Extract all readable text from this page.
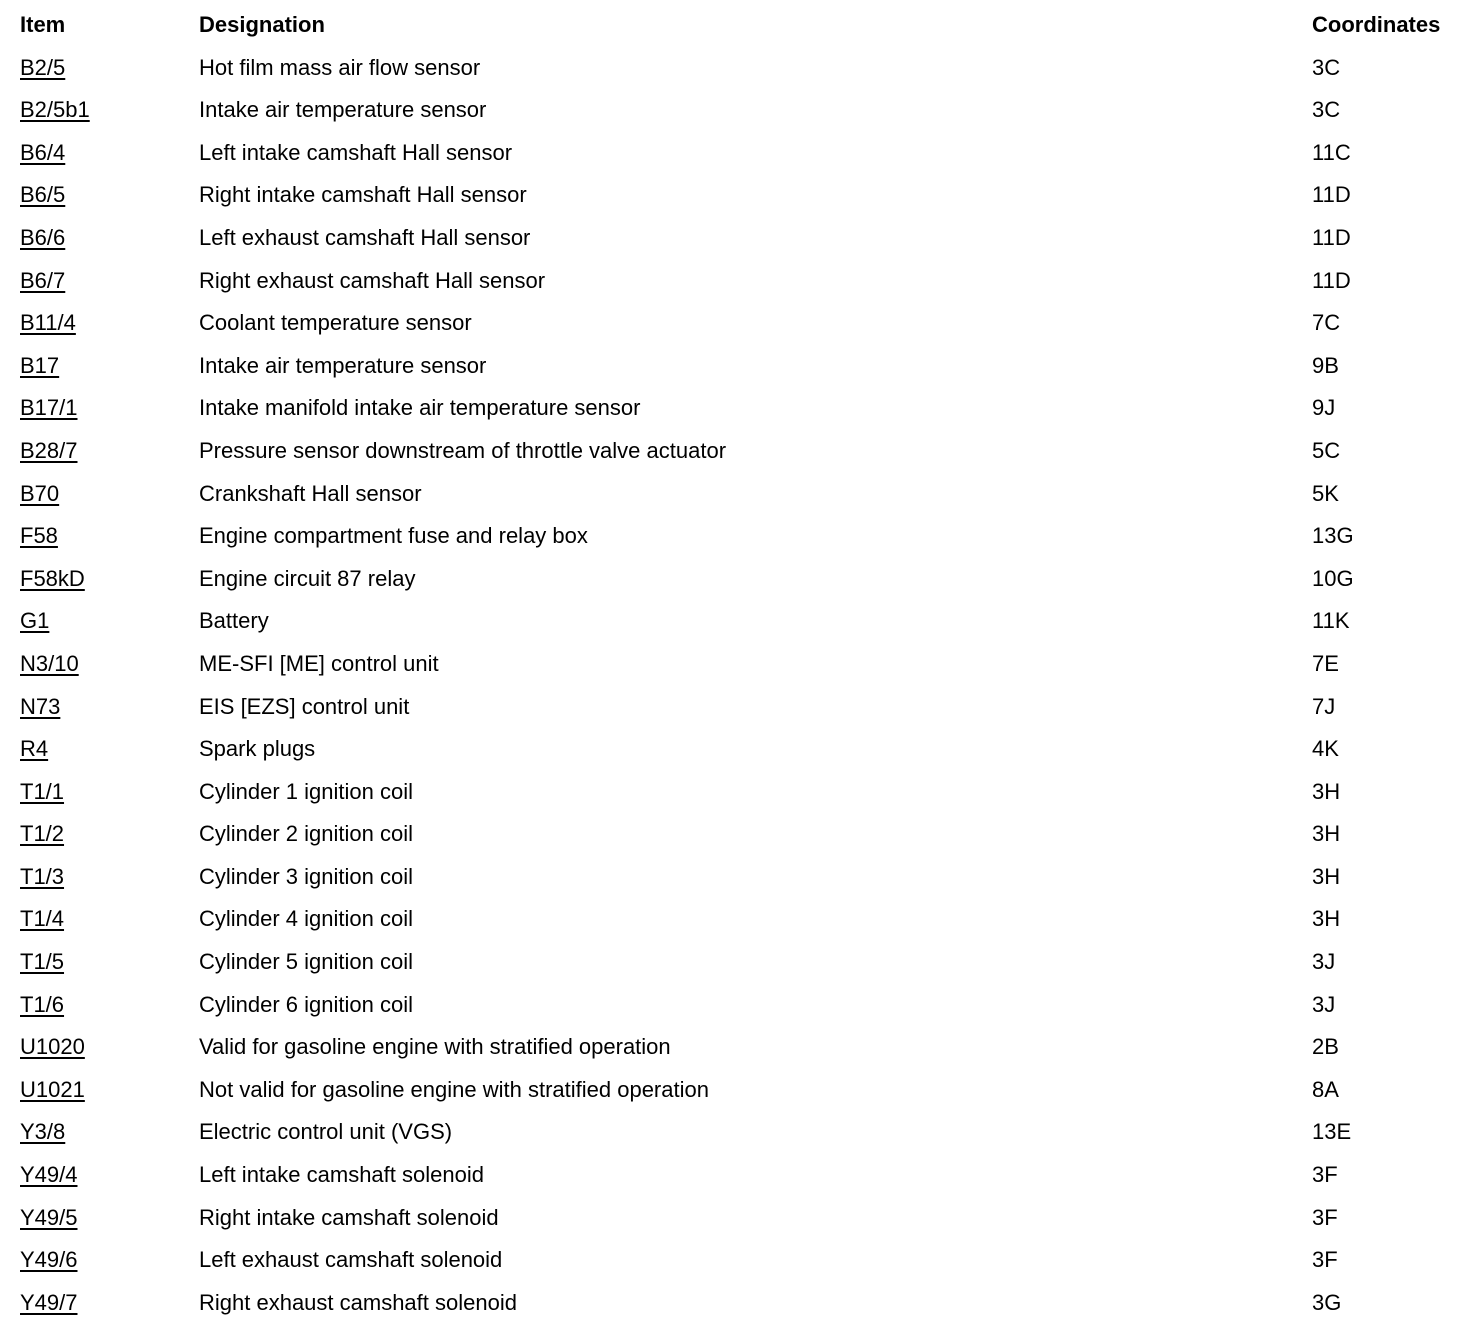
Item	Designation	Coordinates
B2/5	Hot film mass air flow sensor	3C
B2/5b1	Intake air temperature sensor	3C
B6/4	Left intake camshaft Hall sensor	11C
B6/5	Right intake camshaft Hall sensor	11D
B6/6	Left exhaust camshaft Hall sensor	11D
B6/7	Right exhaust camshaft Hall sensor	11D
B11/4	Coolant temperature sensor	7C
B17	Intake air temperature sensor	9B
B17/1	Intake manifold intake air temperature sensor	9J
B28/7	Pressure sensor downstream of throttle valve actuator	5C
B70	Crankshaft Hall sensor	5K
F58	Engine compartment fuse and relay box	13G
F58kD	Engine circuit 87 relay	10G
G1	Battery	11K
N3/10	ME-SFI [ME] control unit	7E
N73	EIS [EZS] control unit	7J
R4	Spark plugs	4K
T1/1	Cylinder 1 ignition coil	3H
T1/2	Cylinder 2 ignition coil	3H
T1/3	Cylinder 3 ignition coil	3H
T1/4	Cylinder 4 ignition coil	3H
T1/5	Cylinder 5 ignition coil	3J
T1/6	Cylinder 6 ignition coil	3J
U1020	Valid for gasoline engine with stratified operation	2B
U1021	Not valid for gasoline engine with stratified operation	8A
Y3/8	Electric control unit (VGS)	13E
Y49/4	Left intake camshaft solenoid	3F
Y49/5	Right intake camshaft solenoid	3F
Y49/6	Left exhaust camshaft solenoid	3F
Y49/7	Right exhaust camshaft solenoid	3G
